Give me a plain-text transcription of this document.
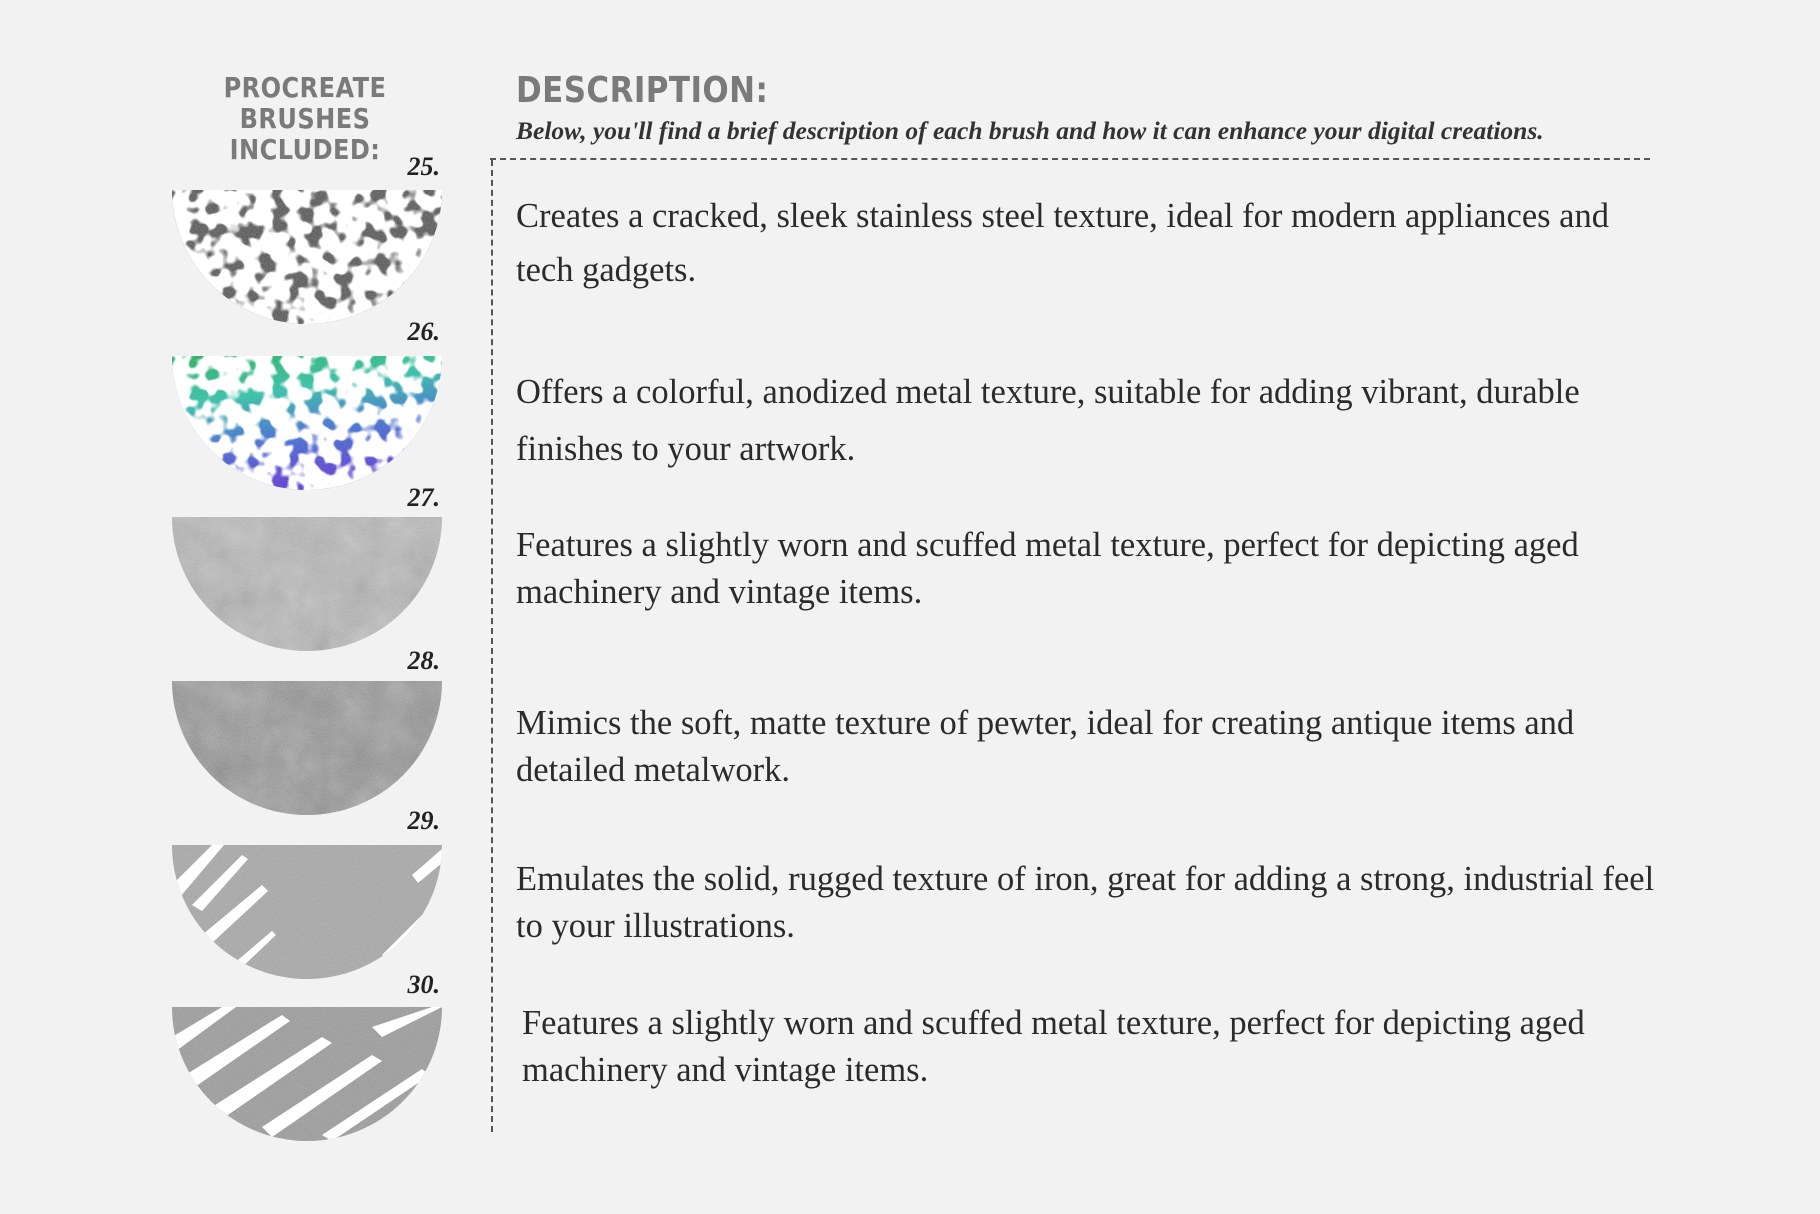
PROCREATE
BRUSHES INCLUDED:
DESCRIPTION:
Below, you'll find a brief description of each brush and how it can enhance your digital creations.
25.
Creates a cracked, sleek stainless steel texture, ideal for modern appliances and tech gadgets.
26.
Offers a colorful, anodized metal texture, suitable for adding vibrant, durable finishes to your artwork.
27.
Features a slightly worn and scuffed metal texture, perfect for depicting aged machinery and vintage items.
28.
Mimics the soft, matte texture of pewter, ideal for creating antique items and detailed metalwork.
29.
Emulates the solid, rugged texture of iron, great for adding a strong, industrial feel to your illustrations.
30.
Features a slightly worn and scuffed metal texture, perfect for depicting aged machinery and vintage items.
